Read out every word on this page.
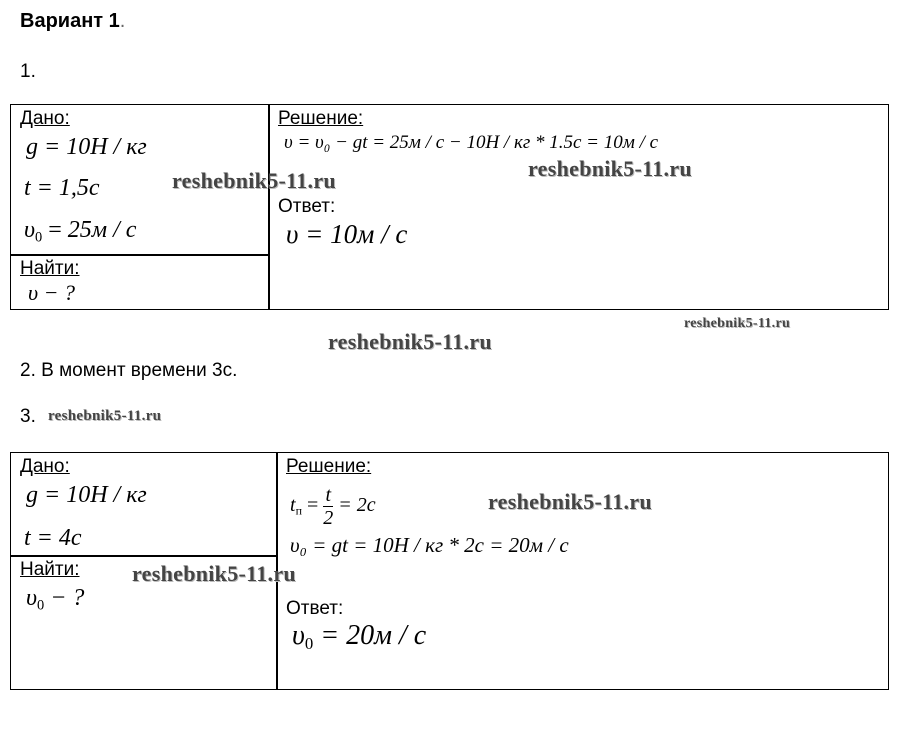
Вариант 1.
1.
Дано:
g = 10H / кг
t = 1,5c
$\upsilon_0 = 25м / с$
Найти:
υ − ?
Решение:
υ = υ₀ − gt = 25м / с − 10H / кг * 1.5c = 10м / с
Ответ:
υ = 10м / с
2. В момент времени 3с.
3.
Дано:
g = 10H / кг
t = 4c
Найти:
$\upsilon_0$ − ?
Решение:
$t_п = \frac{t}{2} = 2c$
υ₀ = gt = 10H / кг * 2c = 20м / с
Ответ:
$\upsilon_0 = 20м / с$
reshebnik5-11.ru	reshebnik5-11.ru
reshebnik5-11.ru
reshebnik5-11.ru
reshebnik5-11.ru
reshebnik5-11.ru
reshebnik5-11.ru
